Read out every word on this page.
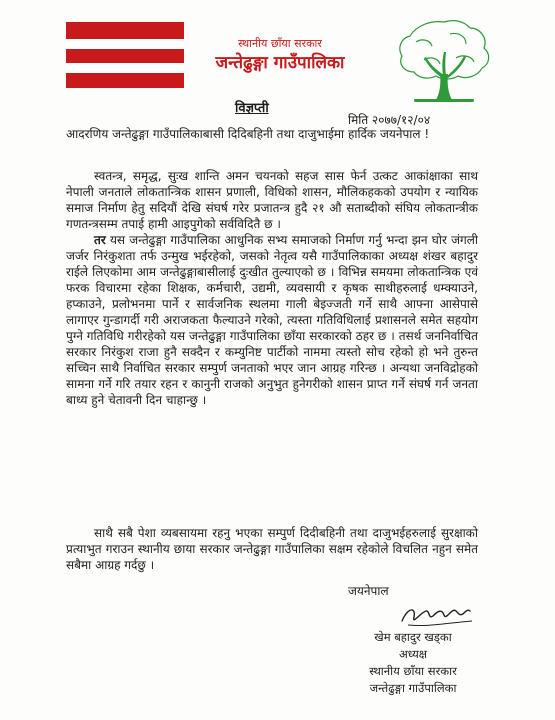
स्थानीय छाँया सरकार
जन्तेढुङ्गा गाउँपालिका
विज्ञप्ती
मिति २०७७/१२/०४

आदरणिय जन्तेढुङ्गा गाउँपालिकाबासी दिदिबहिनी तथा दाजुभाईमा हार्दिक जयनेपाल !

स्वतन्त्र, समृद्ध, सुःख शान्ति अमन चयनको सहज सास फेर्न उत्कट आकांक्षाका साथ नेपाली जनताले लोकतान्त्रिक शासन प्रणाली, विधिको शासन, मौलिकहकको उपयोग र न्यायिक समाज निर्माण हेतु सदियौं देखि संघर्ष गरेर प्रजातन्त्र हुदै २१ औ सताब्दीको संघिय लोकतान्त्रीक गणतन्त्रसम्म तपाई हामी आइपुगेको सर्वविदितै छ ।

तर यस जन्तेढुङ्गा गाउँपालिका आधुनिक सभ्य समाजको निर्माण गर्नु भन्दा झन घोर जंगली जर्जर निरंकुशता तर्फ उन्मुख भईरहेको, जसको नेतृत्व यसै गाउँपालिकाका अध्यक्ष शंखर बहादुर राईले लिएकोमा आम जन्तेढुङ्गाबासीलाई दुःखीत तुल्याएको छ । विभिन्न समयमा लोकतान्त्रिक एवं फरक विचारमा रहेका शिक्षक, कर्मचारी, उद्यमी, व्यवसायी र कृषक साथीहरुलाई धम्क्याउने, हप्काउने, प्रलोभनमा पार्ने र सार्वजनिक स्थलमा गाली बेइज्जती गर्ने साथै आफ्ना आसेपासे लागाएर गुन्डागर्दी गरी अराजकता फैल्याउने गरेको, त्यस्ता गतिविधिलाई प्रशासनले समेत सहयोग पुग्ने गतिविधि गरीरहेको यस जन्तेढुङ्गा गाउँपालिका छाँया सरकारको ठहर छ । तसर्थ जननिर्वाचित सरकार निरंकुश राजा हुनै सक्दैन र कम्युनिष्ट पार्टीको नाममा त्यस्तो सोच रहेको हो भने तुरुन्त सच्चिन साथै निर्वाचित सरकार सम्पुर्ण जनताको भएर जान आग्रह गरिन्छ । अन्यथा जनविद्रोहको सामना गर्ने गरि तयार रहन र कानुनी राजको अनुभुत हुनेगरीको शासन प्राप्त गर्ने संघर्ष गर्न जनता बाध्य हुने चेतावनी दिन चाहान्छु ।

साथै सबै पेशा व्यबसायमा रहनु भएका सम्पुर्ण दिदीबहिनी तथा दाजुभईहरुलाई सुरक्षाको प्रत्याभुत गराउन स्थानीय छाया सरकार जन्तेढुङ्गा गाउँपालिका सक्षम रहेकोले विचलित नहुन समेत सबैमा आग्रह गर्दछु ।

जयनेपाल
खेम बहादुर खड्का
अध्यक्ष
स्थानीय छाँया सरकार
जन्तेढुङ्गा गाउँपालिका
